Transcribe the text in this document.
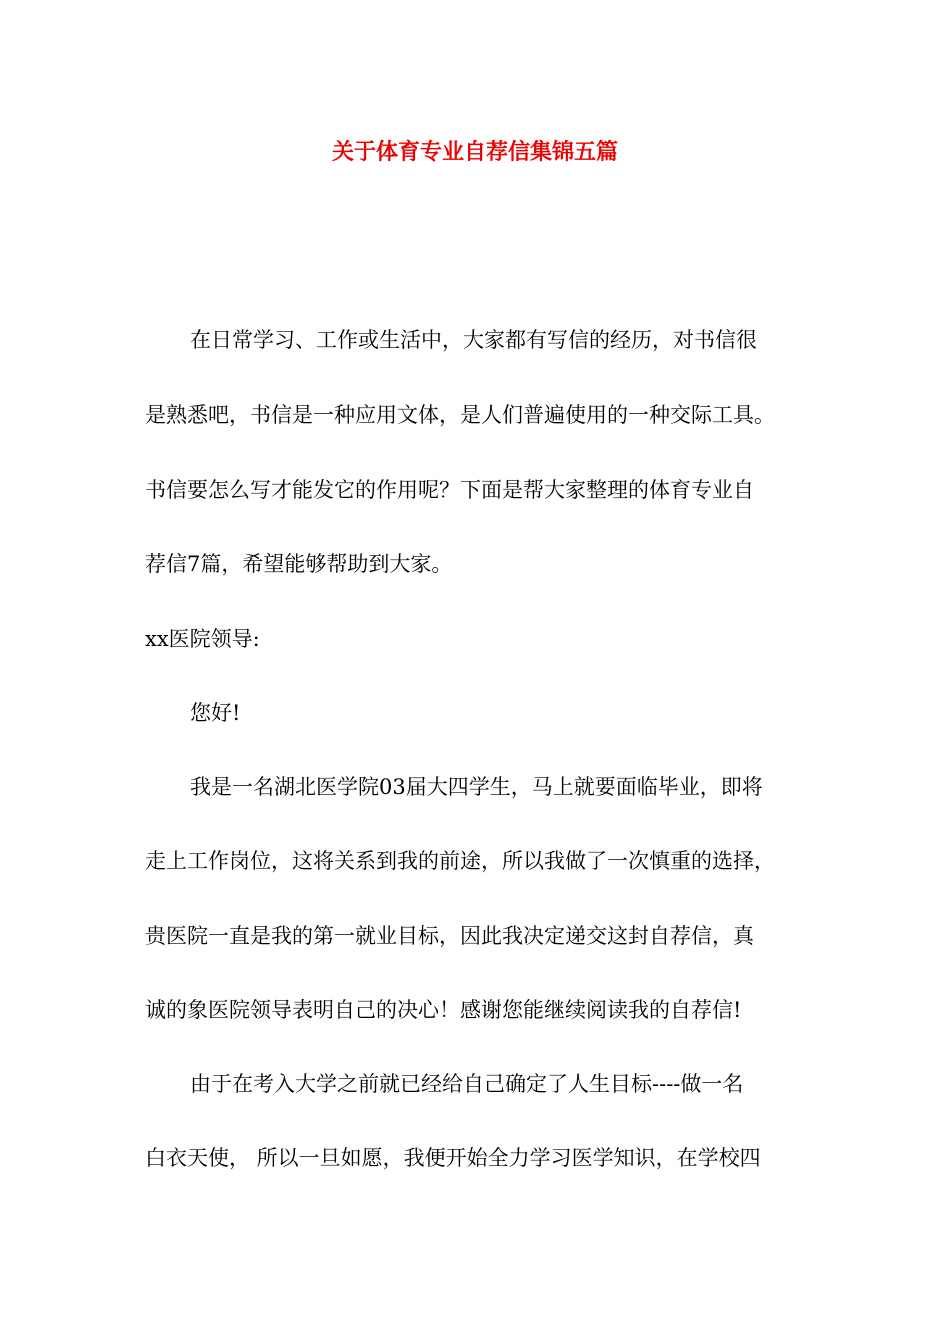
关于体育专业自荐信集锦五篇
在日常学习、工作或生活中，大家都有写信的经历，对书信很
是熟悉吧，书信是一种应用文体，是人们普遍使用的一种交际工具。
书信要怎么写才能发它的作用呢？下面是帮大家整理的体育专业自
荐信7篇，希望能够帮助到大家。
xx医院领导:
您好!
我是一名湖北医学院03届大四学生，马上就要面临毕业，即将
走上工作岗位，这将关系到我的前途，所以我做了一次慎重的选择，
贵医院一直是我的第一就业目标，因此我决定递交这封自荐信，真
诚的象医院领导表明自己的决心！感谢您能继续阅读我的自荐信!
由于在考入大学之前就已经给自己确定了人生目标----做一名
白衣天使， 所以一旦如愿，我便开始全力学习医学知识，在学校四
